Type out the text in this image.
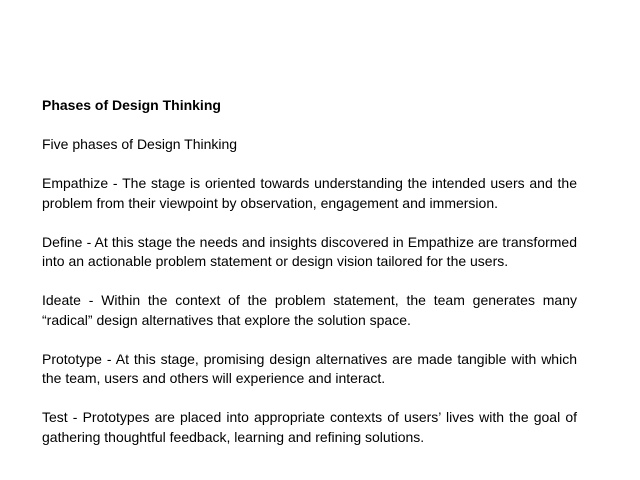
Phases of Design Thinking
Five phases of Design Thinking
Empathize - The stage is oriented towards understanding the intended users and the problem from their viewpoint by observation, engagement and immersion.
Define - At this stage the needs and insights discovered in Empathize are transformed into an actionable problem statement or design vision tailored for the users.
Ideate - Within the context of the problem statement, the team generates many “radical” design alternatives that explore the solution space.
Prototype - At this stage, promising design alternatives are made tangible with which the team, users and others will experience and interact.
Test - Prototypes are placed into appropriate contexts of users’ lives with the goal of gathering thoughtful feedback, learning and refining solutions.
